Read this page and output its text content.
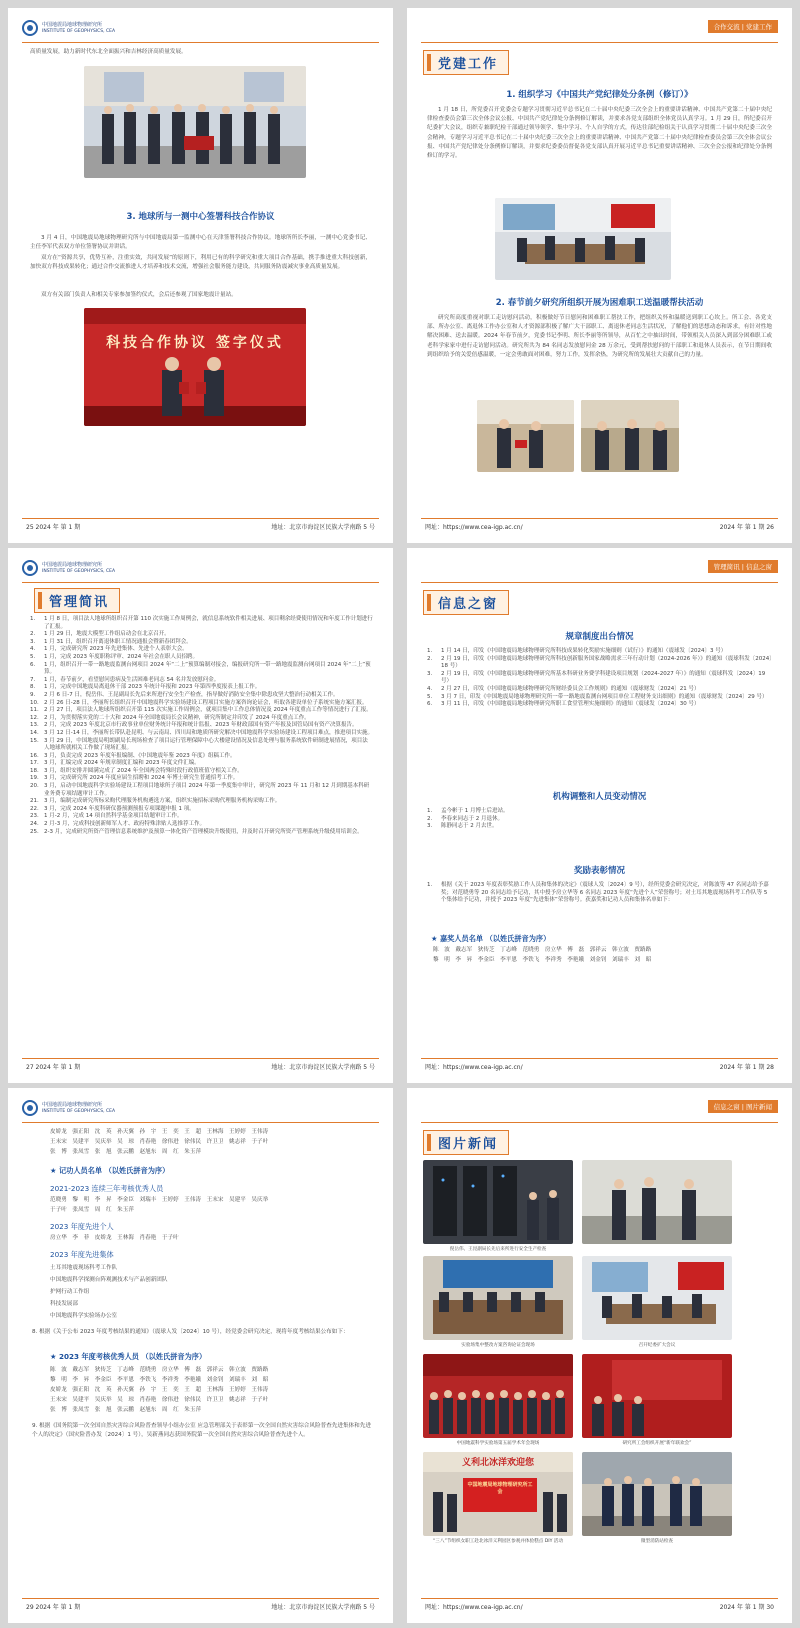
中国地震局地球物理研究所
INSTITUTE OF GEOPHYSICS, CEA
高质量发展，助力新时代东北全面振兴和吉林经济高质量发展。
3. 地球所与一测中心签署科技合作协议
3 月 4 日，中国地震局地球物理研究所与中国地震局第一监测中心在天津签署科技合作协议。地球所所长李丽，一测中心党委书记、主任李军代表双方单位签署协议并讲话。
双方在“资源共享，优势互补，注重实效，共同发展”的原则下，利用已有的科学研究和重大项目合作基础，携手推进重大科技创新，加快双方科技成果转化；通过合作交流推进人才培养和技术交流，增强社会服务能力建设，共同服务防震减灾事业高质量发展。
双方有关部门负责人和相关专家参加签约仪式，会后还参观了国家地震计量站。
科技合作协议 签字仪式
25 2024 年 第 1 期	地址：北京市海淀区民族大学南路 5 号
合作交流 | 党建工作
党建工作
1. 组织学习《中国共产党纪律处分条例（修订）》
1 月 18 日，所党委召开党委会专题学习贯彻习近平总书记在二十届中央纪委三次全会上的重要讲话精神、中国共产党第二十届中央纪律检查委员会第三次全体会议公报、中国共产党纪律处分条例修订解读，并要求各党支部组织全体党员认真学习。1 月 29 日，所纪委召开纪委扩大会议，组织专兼职纪检干部通过领导领学、集中学习、个人自学的方式，传达往部纪检组关于认真学习贯彻二十届中央纪委三次全会精神，专题学习习近平总书记在二十届中央纪委三次全会上的重要讲话精神、中国共产党第二十届中央纪律检查委员会第三次全体会议公报、中国共产党纪律处分条例修订解读，并要求纪委委员督促各党支部认真开展习近平总书记重要讲话精神、三次全会公报和纪律处分条例修订的学习。
2. 春节前夕研究所组织开展为困难职工送温暖帮扶活动
研究所高度重视对职工走访慰问活动，积极做好节日慰问和困难职工帮扶工作，把组织关怀和温暖送到职工心坎上。所工会、各党支部、所办公室、离退休工作办公室和人才资源部积极了解广大干部职工、离退休老同志生活状况，了解他们的思想动态和诉求，有针对性地解决困难、送去温暖。2024 年春节前夕，党委书记李明、所长李丽等所领导，从百忙之中抽出时间，带领相关人员深入到部分困难职工或老科学家家中进行走访慰问活动。研究所共为 84 名同志发放慰问金 28 万余元，受到帮扶慰问的干部职工和退休人员表示，在节日期间收到组织给予的关爱倍感温暖，一定会勇敢面对困难，努力工作，发挥余热，为研究所的发展壮大贡献自己的力量。
网址：https://www.cea-igp.ac.cn/	2024 年 第 1 期 26
中国地震局地球物理研究所
INSTITUTE OF GEOPHYSICS, CEA
管理简讯
1. 1 月 8 日，项目法人地球所组织召开第 110 次实施工作周例会，就信息系统软件相关进展、项目剩余经费使用情况和年度工作计划进行了汇报。
2. 1 月 29 日，地震大模型工作组启动会在北京召开。
3. 1 月 31 日，组织召开离退休职工情况通报会暨新春团拜会。
4. 1 月，完成研究所 2023 年先进集体、先进个人表彰大会。
5. 1 月，完成 2023 年度职称评审、2024 年社会在职人员招聘。
6. 1 月，组织召开一带一路地震监测台网项目 2024 年“二上”预算编制对接会，编报研究所一带一路地震监测台网项目 2024 年“二上”预算。
7. 1 月，春节前夕，看望慰问患病及生活困难老同志 54 名并发放慰问金。
8. 1 月，完成中国地震局离退休干部 2023 年统计年报和 2023 年第四季度报表上报工作。
9. 2 月 6 日-7 日，倪岳伟、王昆副局长先后来所进行安全生产检查，指导做好消防安全集中除患攻坚大整治行动相关工作。
10. 2 月 26 日-28 日，李丽所长组织召开中国地震科学实验场建设工程项目实施方案咨询论证会，听取各建设单位子系统实施方案汇报。
11. 2 月 27 日，项目法人地球所组织召开第 115 次实施工作周例会，就项目集中工作总体情况及 2024 年度重点工作等情况进行了汇报。
12. 2 月，为贯彻落实党的二十大和 2024 年全国地震局长会议精神，研究所制定并印发了 2024 年度重点工作。
13. 2 月，完成 2023 年度北京市行政事业单位财务统计年报和统计监报、2023 年财政部国有资产年报及国管局国有资产决算报告。
14. 3 月 12 日-14 日，李丽所长带队赴昆明、与云南局、四川局和地质所研究解决中国地震科学实验场建设工程项目难点，推进项目实施。
15. 3 月 29 日，中国地震局明朗副局长现场检查了项目运行管理保障中心大楼建设情况及信息处理与服务系统软件研制进展情况，项目法人地球所就相关工作做了现场汇报。
16. 3 月，负责完成 2023 年度年报编制、《中国地震年鉴 2023 年度》组稿工作。
17. 3 月，汇编完成 2024 年规章制度汇编和 2023 年度文件汇编。
18. 3 月，组织安排并圆满完成了 2024 年全国两会特殊时段行政值班值守相关工作。
19. 3 月，完成研究所 2024 年度应届生招聘和 2024 年博士研究生普通招考工作。
20. 3 月，启动中国地震科学实验场建设工程项目地球所子项目 2024 年第一季度集中审计，研究所 2023 年 11 月和 12 月到期基本科研业务费专项结题审计工作。
21. 3 月，编制完成研究所标采购代理服务机构遴选方案，组织实施招标采购代理服务机构采购工作。
22. 3 月，完成 2024 年度科研仪器预测预报专项课题申报 1 项。
23. 1 月-2 月，完成 14 项自然科学基金项目结题审计工作。
24. 2 月-3 月，完成科技创新师军人才、政府特殊津贴人选推荐工作。
25. 2-3 月，完成研究所资产管理信息系统维护及预算一体化资产管理模块升级使用，并及时召开研究所资产管理系统升级使用培训会。
27 2024 年 第 1 期	地址：北京市海淀区民族大学南路 5 号
管理简讯 | 信息之窗
信息之窗
规章制度出台情况
1. 1 月 14 日，印发《中国地震局地球物理研究所科技成果转化奖励实施细则（试行）》的通知（震球发〔2024〕3 号）
2. 2 月 19 日，印发《中国地震局地球物理研究所科技创新服务国家战略需求三年行动计划（2024-2026 年）》的通知（震球科发〔2024〕18 号）
3. 2 月 19 日，印发《中国地震局地球物理研究所基本科研业务费学科建设项目规划（2024-2027 年）》的通知（震球科发〔2024〕19 号）
4. 2 月 27 日，印发《中国地震局地球物理研究所财经委员会工作规则》的通知（震球财发〔2024〕21 号）
5. 3 月 7 日，印发《中国地震局地球物理研究所一带一路地震监测台网项目单位工程财务支出细则》的通知（震球财发〔2024〕29 号）
6. 3 月 11 日，印发《中国地震局地球物理研究所职工食堂管理实施细则》的通知（震球发〔2024〕30 号）
机构调整和人员变动情况
1. 孟今彬于 1 月博士后进站。
2. 李春来同志于 2 月退休。
3. 陈静同志于 2 月去世。
奖励表彰情况
1. 根据《关于 2023 年度表彰奖励工作人员和集体的决定》（震球人发〔2024〕9 号），经所党委会研究决定，对陈波等 47 名同志给予嘉奖；对范晓勇等 20 名同志给予记功，其中授予房立华等 6 名同志 2023 年度“先进个人”荣誉称号；对土耳其地震现场科考工作队等 5 个集体给予记功，并授予 2023 年度“先进集体”荣誉称号。获嘉奖和记功人员和集体名单如下：
★ 嘉奖人员名单 （以姓氏拼音为序）
陈　波　戴志军　狄传芝　丁志峰　范晓勇　房立华　傅　磊　郭祥云　韩立波　贾路路
黎　明　李　昇　李金臣　李平恩　李铁飞　李祥秀　李艳娥　刘金钊　刘瑞丰　刘　昭
网址：https://www.cea-igp.ac.cn/	2024 年 第 1 期 28
中国地震局地球物理研究所
INSTITUTE OF GEOPHYSICS, CEA
皮娇龙　强正阳　沈　英　孙天翼　孙　宇　王　奕　王　超　王林海　王婷婷　王伟涛
王末宋　吴建平　吴庆举　吴　琼　肖春艳　徐伟进　徐伟民　许卫卫　姚志祥　于子叶
张　博　张凤雪　张　旭　张云鹏　赵旭东　周　红　朱玉萍
★ 记功人员名单 （以姓氏拼音为序）
2021-2023 连续三年考核优秀人员
范晓勇　黎　明　李　昇　李金臣　刘瑞丰　王婷婷　王伟涛　王末宋　吴建平　吴庆举
于子叶　张凤雪　周　红　朱玉萍
2023 年度先进个人
房立华　李　菲　皮娇龙　王林海　肖春艳　于子叶
2023 年度先进集体
土耳其地震现场科考工作队
中国地震科学探测台阵观测技术与产品创新团队
护网行动工作组
科技发展部
中国地震科学实验场办公室
8. 根据《关于公布 2023 年度考核结果的通知》（震球人发〔2024〕10 号），经党委会研究决定，现将年度考核结果公布如下：
★ 2023 年度考核优秀人员 （以姓氏拼音为序）
陈　波　戴志军　狄传芝　丁志峰　范晓勇　房立华　傅　磊　郭祥云　韩立波　贾路路
黎　明　李　昇　李金臣　李平恩　李铁飞　李祥秀　李艳娥　刘金钊　刘瑞丰　刘　昭
皮娇龙　强正阳　沈　英　孙天翼　孙　宇　王　奕　王　超　王林海　王婷婷　王伟涛
王末宋　吴建平　吴庆举　吴　琼　肖春艳　徐伟进　徐伟民　许卫卫　姚志祥　于子叶
张　博　张凤雪　张　旭　张云鹏　赵旭东　周　红　朱玉萍
9. 根据《国务院第一次全国自然灾害综合风险普查领导小组办公室 应急管理部关于表彰第一次全国自然灾害综合风险普查先进集体和先进个人的决定》（国灾险普办发〔2024〕1 号），吴新燕同志获国务院第一次全国自然灾害综合风险普查先进个人。
29 2024 年 第 1 期	地址：北京市海淀区民族大学南路 5 号
信息之窗 | 图片新闻
图片新闻
倪岳伟、王昆副局长先后来所进行安全生产检查
实验场集中整改方案咨询论证会现场	召开纪委扩大会议
中国地震科学实验场第五届学术年会现场	研究所工会组织开展“新年联欢会”
义利北冰洋欢迎您
中国地震局地球物理研究所工会
“三八”节组织女职工赴北冰洋义利园区参观并体验糕点 DIY 活动	微型消防站检查
网址：https://www.cea-igp.ac.cn/	2024 年 第 1 期 30
